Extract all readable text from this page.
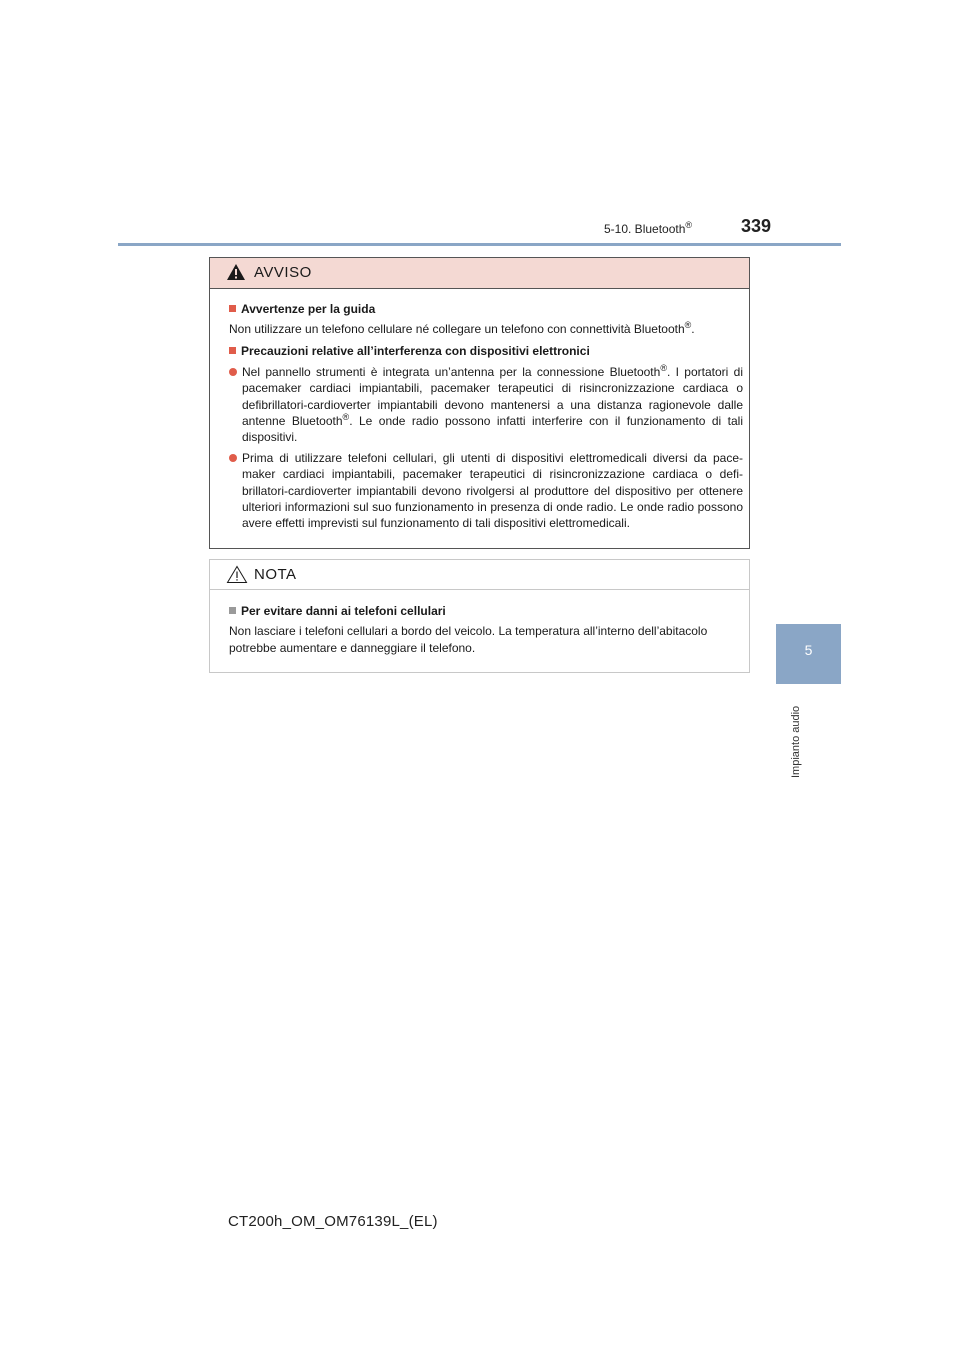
5-10. Bluetooth®	339
5
Impianto audio
AVVISO
Avvertenze per la guida
Non utilizzare un telefono cellulare né collegare un telefono con connettività Bluetooth®.
Precauzioni relative all’interferenza con dispositivi elettronici
Nel pannello strumenti è integrata un’antenna per la connessione Bluetooth®. I portatori di pacemaker cardiaci impiantabili, pacemaker terapeutici di risincronizzazione cardiaca o defibrillatori-cardioverter impiantabili devono mantenersi a una distanza ragionevole dalle antenne Bluetooth®. Le onde radio possono infatti interferire con il funzionamento di tali dispositivi.
Prima di utilizzare telefoni cellulari, gli utenti di dispositivi elettromedicali diversi da pace-maker cardiaci impiantabili, pacemaker terapeutici di risincronizzazione cardiaca o defi-brillatori-cardioverter impiantabili devono rivolgersi al produttore del dispositivo per ottenere ulteriori informazioni sul suo funzionamento in presenza di onde radio. Le onde radio possono avere effetti imprevisti sul funzionamento di tali dispositivi elettromedicali.
NOTA
Per evitare danni ai telefoni cellulari
Non lasciare i telefoni cellulari a bordo del veicolo. La temperatura all’interno dell’abitacolo potrebbe aumentare e danneggiare il telefono.
CT200h_OM_OM76139L_(EL)
